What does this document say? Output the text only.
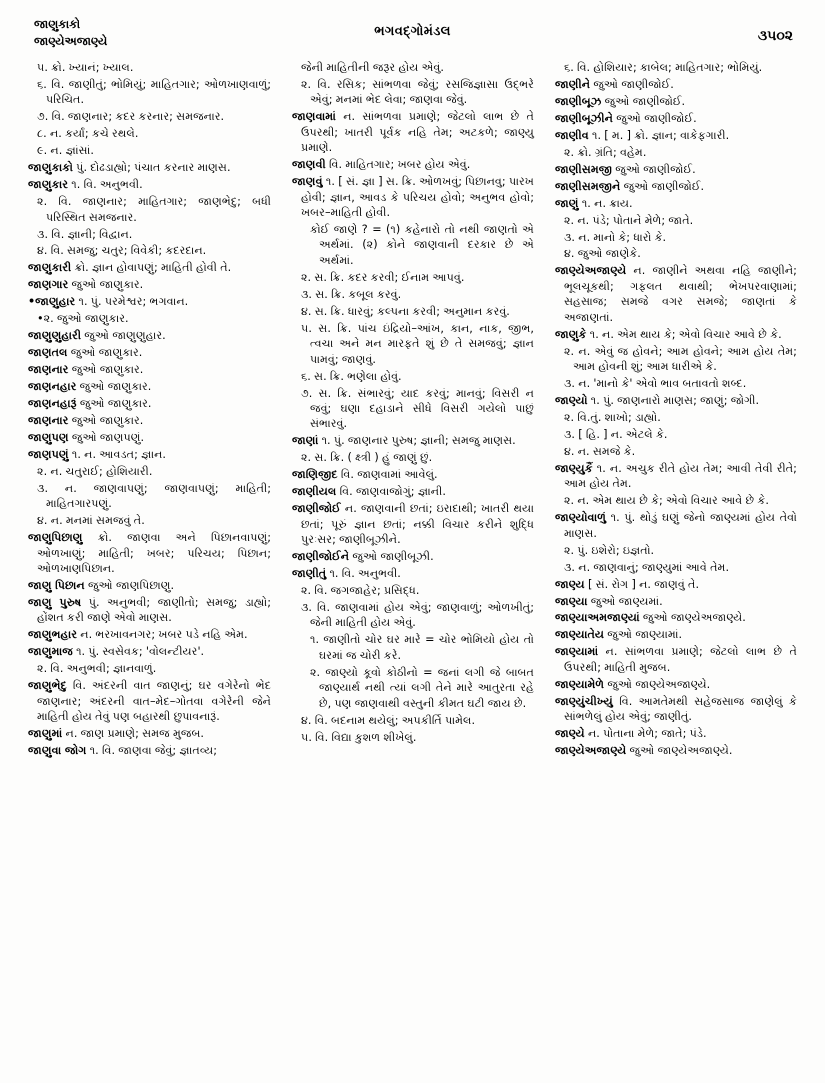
જાણુકાકો
જાણ્યેઅજાણ્યે
ભગવદ્ગોમંડલ	૩૫૦૨

૫. ક્રો. ખ્યાનં; ખ્યાલ.

૬. વિ. જાણીતું; ભોમિયું; માહિતગાર; ઓળખાણવાળું; પરિચિત.

૭. વિ. જાણનાર; કદર કરનાર; સમજનાર.

૮. ન. કર્યાં; કચે રથલે.

૯. ન. જ્ઞાંસાં.

જાણુકાકો પું. દોઢડાહ્યો; પંચાત કરનાર માણસ.

જાણુકાર ૧. વિ. અનુભવી.

૨. વિ. જાણનાર; માહિતગાર; જાણભેદુ; બધી પરિસ્થિત સમજનાર.

૩. વિ. જ્ઞાની; વિદ્વાન.

૪. વિ. સમજુ; ચતુર; વિવેકી; કદરદાન.

જાણુકારી ક્રો. જ્ઞાન હોવાપણું; માહિતી હોવી તે.

જાણગાર જુઓ જાણુકાર.

•જાણુહાર ૧. પું. પરમેશ્વર; ભગવાન.

•૨. જુઓ જાણુકાર.

જાણુણુહારી જુઓ જાણુણુહાર.

જાણતલ જુઓ જાણુકાર.

જાણનાર જુઓ જાણુકાર.

જાણનહાર જુઓ જાણુકાર.

જાણનહારૂં જુઓ જાણુકાર.

જાણનાર જુઓ જાણુકાર.

જાણુપણ જુઓ જાણપણું.

જાણપણું ૧. ન. આવડત; જ્ઞાન.

૨. ન. ચતુરાઈ; હોશિયારી.

૩. ન. જાણવાપણું; જાણવાપણું; માહિતી; માહિતગારપણું.

૪. ન. મનમાં સમજવું તે.

જાણુપિછાણુ ક્રો. જાણવા અને પિછાનવાપણું; ઓળખાણું; માહિતી; ખબર; પરિચય; પિછાન; ઓળખાણપિછાન.

જાણુ પિછાન જુઓ જાણપિછાણુ.

જાણુ પુરુષ પું. અનુભવી; જાણીતો; સમજુ; ડાહ્યો; હોંશત કરી જાણે એવો માણસ.

જાણુભહાર ન. ભરખાવનગર; ખબર પડે નહિ એમ.

જાણુમાજ ૧. પું. સ્વસેવક; 'વોલન્ટીયર'.

૨. વિ. અનુભવી; જ્ઞાનવાળું.

જાણુભેદુ વિ. અંદરની વાત જાણનું; ઘર વગેરેનો ભેદ જાણનાર; અંદરની વાત–મેદ–ગોતવા વગેરેની જેને માહિતી હોય તેવું પણ બહારથી છુપાવનારૂં.

જાણુમાં ન. જાણ પ્રમાણે; સમજ મુજબ.

જાણુવા જોગ ૧. વિ. જાણવા જેવું; જ્ઞાતવ્ય;

જેની માહિતીની જરૂર હોય એવું.

૨. વિ. રસિક; સાંભળવા જેવું; રસજિજ્ઞાસા ઉદ્ભરે એવું; મનમાં ભેદ લેવા; જાણવા જેવું.

જાણવામાં ન. સાંભળવા પ્રમાણે; જેટલો લાભ છે તે ઉપરથી; ખાતરી પૂર્વક નહિ તેમ; અટકળે; જાણ્યુ પ્રમાણે.

જાણવી વિ. માહિતગાર; ખબર હોય એવું.

જાણવું ૧. [ સં. જ્ઞા ] સ. ક્રિ. ઓળખવું; પિછાનવુ; પારખ હોવી; જ્ઞાન, આવડ કે પરિચય હોવો; અનુભવ હોવો; ખબર–માહિતી હોવી.

કોઈ જાણે ? = (૧) કહેનારો તો નથી જાણતો એ અર્થમાં. (૨) કોને જાણવાની દરકાર છે એ અર્થમાં.

૨. સ. ક્રિ. કદર કરવી; ઈનામ આપવું.

૩. સ. ક્રિ. કબૂલ કરવું.

૪. સ. ક્રિ. ધારવું; કલ્પના કરવી; અનુમાન કરવું.

૫. સ. ક્રિ. પાંચ ઇંદ્રિયો–આંખ, કાન, નાક, જીભ, ત્વચા અને મન મારફતે શું છે તે સમજવું; જ્ઞાન પામવું; જાણવું.

૬. સ. ક્રિ. ભણેલા હોવું.

૭. સ. ક્રિ. સંભારવું; યાદ કરવું; માનવું; વિસરી ન જવું; ઘણા દહાડાને સીધે વિસરી ગયેલો પાછું સંભારવું.

જાણાં ૧. પું. જાણનાર પુરુષ; જ્ઞાની; સમજુ માણસ.

૨. સ. ક્રિ. ( ક્ષ્ત્રી ) હું જાણું છું.

જાણિજીદ વિ. જાણવામાં આવેલું.

જાણીયલ વિ. જાણવાજોગું; જ્ઞાની.

જાણીજોઈ ન. જાણવાની છતાં; ઇરાદાથી; ખાતરી થયા છતાં; પૂરું જ્ઞાન છતાં; નક્કી વિચાર કરીને શુદ્ધિ પુરઃસર; જાણીબૂઝીને.

જાણીજોઈને જુઓ જાણીબૂઝી.

જાણીતું ૧. વિ. અનુભવી.

૨. વિ. જગજાહેર; પ્રસિદ્ધ.

૩. વિ. જાણવામાં હોય એવું; જાણવાળું; ઓળખીતું; જેની માહિતી હોય એવું.

૧. જાણીતો ચોર ઘર મારે = ચોર ભોમિયો હોય તો ઘરમાં જ ચોરી કરે.

૨. જાણ્યો કૂવો કોઠીનો = જનાં લગી જે બાબત જાણ્યાર્થ નથી ત્યાં લગી તેને મારે આતુરતા રહે છે, પણ જાણવાથી વસ્તુની કીમત ઘટી જાય છે.

૪. વિ. બદનામ થયેલું; અપકીર્તિ પામેલ.

૫. વિ. વિદ્યા કુશળ શીખેલું.

૬. વિ. હોશિયાર; કાબેલ; માહિતગાર; ભોમિયું.

જાણીને જુઓ જાણીજોઈ.

જાણીબૂઝ જુઓ જાણીજોઈ.

જાણીબૂઝીને જુઓ જાણીજોઈ.

જાણીવ ૧. [ મ. ] ક્રો. જ્ઞાન; વાકેફગારી.

૨. ક્રો. ગ્રંતિ; વહેમ.

જાણીસમજી જુઓ જાણીજોઈ.

જાણીસમજીને જુઓ જાણીજોઈ.

જાણું ૧. ન. ક્રાય.

૨. ન. પંડે; પોતાને મેળે; જાતે.

૩. ન. માનો કે; ધારો કે.

૪. જુઓ જાણેકે.

જાણ્યેઅજાણ્યે ન. જાણીને અથવા નહિ જાણીને; ભૂલચૂકથી; ગફલત થવાથી; ભેખપરવાણામાં; સહસાજ; સમજે વગર સમજે; જાણતાં કે અજાણતાં.

જાણુકે ૧. ન. એમ થાય કે; એવો વિચાર આવે છે કે.

૨. ન. એવું જ હોવને; આમ હોવને; આમ હોય તેમ; આમ હોવની શું; આમ ધારીએ કે.

૩. ન. 'માનો કે' એવો ભાવ બતાવતો શબ્દ.

જાણ્યો ૧. પું. જાણનારો માણસ; જાણું; જોગી.

૨. વિ.તું. શાખો; ડાહ્યો.

૩. [ હિ. ] ન. એટલે કે.

૪. ન. સમજે કે.

જાણ્યુકૈં ૧. ન. અચુક રીતે હોય તેમ; આવી તેવી રીતે; આમ હોય તેમ.

૨. ન. એમ થાય છે કે; એવો વિચાર આવે છે કે.

જાણ્યોવાળું ૧. પું. થોડું ઘણું જેનો જાણ્યમાં હોય તેવો માણસ.

૨. પું. ઇશેરો; ઇજ્ઞતો.

૩. ન. જાણવાનું; જાણ્યુમાં આવે તેમ.

જાણ્ય [ સં. રોગ ] ન. જાણવું તે.

જાણ્યા જુઓ જાણ્યમાં.

જાણ્યાઅમજાણ્યાં જુઓ જાણ્યેઅજાણ્યે.

જાણ્યાતેય જુઓ જાણ્યામાં.

જાણ્યામાં ન. સાંભળવા પ્રમાણે; જેટલો લાભ છે તે ઉપરથી; માહિતી મુજબ.

જાણ્યામેળે જુઓ જાણ્યેઅજાણ્યે.

જાણ્યુંચીખ્યું વિ. આમતેમથી સહેજસાજ જાણેલું કે સાંભળેલું હોય એવું; જાણીતું.

જાણ્યે ન. પોતાના મેળે; જાતે; પંડે.

જાણ્યેઅજાણ્યે જુઓ જાણ્યેઅજાણ્યે.
